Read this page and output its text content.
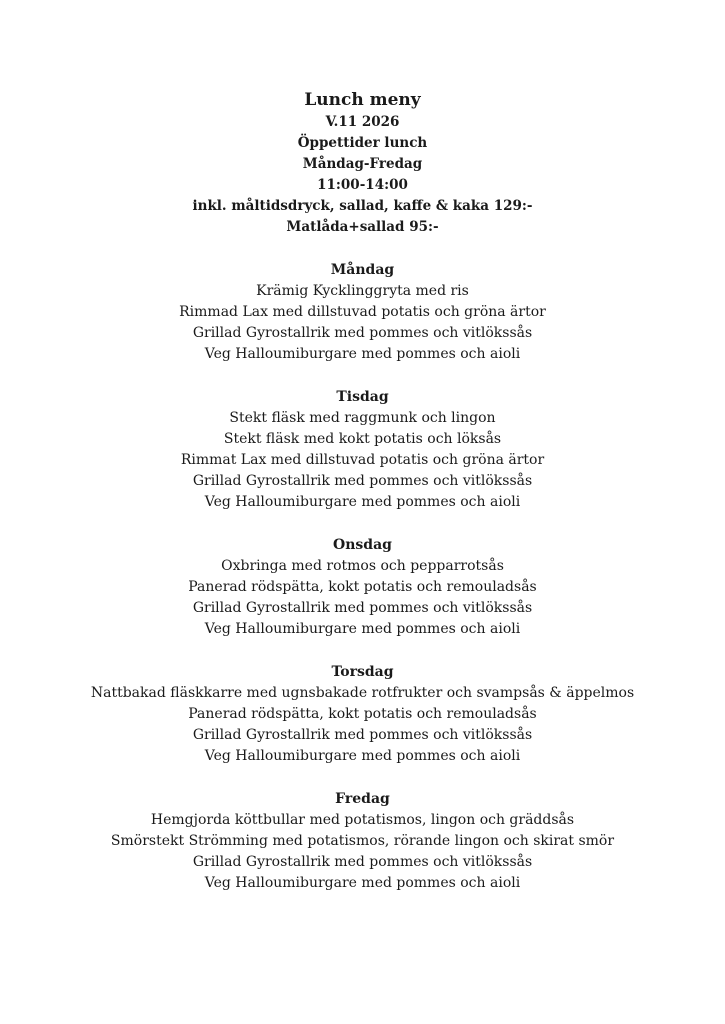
Lunch meny

V.11 2026

Öppettider lunch

Måndag-Fredag

11:00-14:00

inkl. måltidsdryck, sallad, kaffe & kaka 129:-

Matlåda+sallad 95:-

Måndag

Krämig Kycklinggryta med ris

Rimmad Lax med dillstuvad potatis och gröna ärtor

Grillad Gyrostallrik med pommes och vitlökssås

Veg Halloumiburgare med pommes och aioli

Tisdag

Stekt fläsk med raggmunk och lingon

Stekt fläsk med kokt potatis och löksås

Rimmat Lax med dillstuvad potatis och gröna ärtor

Grillad Gyrostallrik med pommes och vitlökssås

Veg Halloumiburgare med pommes och aioli

Onsdag

Oxbringa med rotmos och pepparrotsås

Panerad rödspätta, kokt potatis och remouladsås

Grillad Gyrostallrik med pommes och vitlökssås

Veg Halloumiburgare med pommes och aioli

Torsdag

Nattbakad fläskkarre med ugnsbakade rotfrukter och svampsås & äppelmos

Panerad rödspätta, kokt potatis och remouladsås

Grillad Gyrostallrik med pommes och vitlökssås

Veg Halloumiburgare med pommes och aioli

Fredag

Hemgjorda köttbullar med potatismos, lingon och gräddsås

Smörstekt Strömming med potatismos, rörande lingon och skirat smör

Grillad Gyrostallrik med pommes och vitlökssås

Veg Halloumiburgare med pommes och aioli
